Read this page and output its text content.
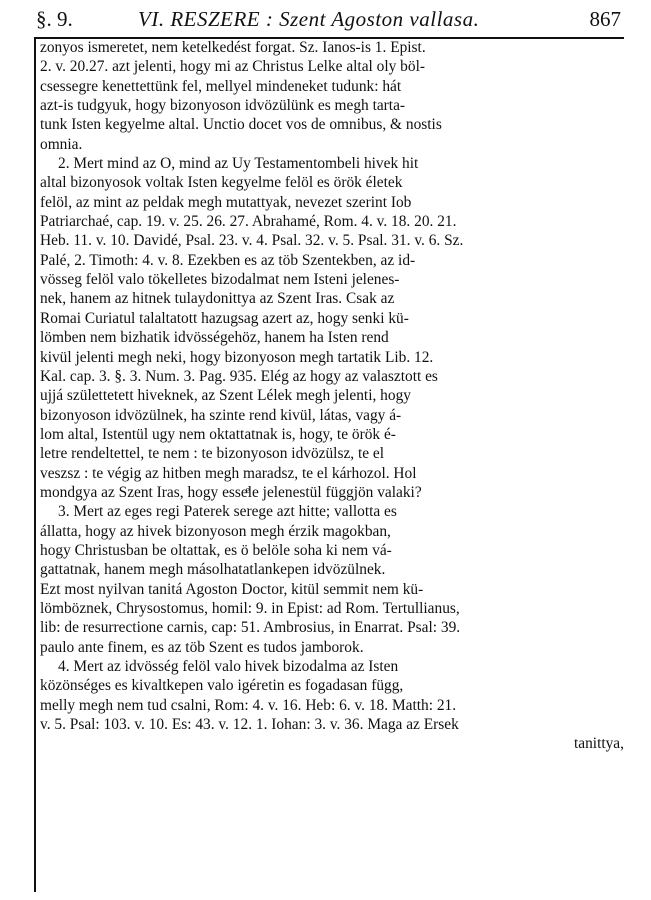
§. 9.	VI. RESZERE : Szent Agoston vallasa.	867
zonyos ismeretet, nem ketelkedést forgat. Sz. Ianos-is 1. Epist.
2. v. 20.27. azt jelenti, hogy mi az Christus Lelke altal oly böl-
csessegre kenettettünk fel, mellyel mindeneket tudunk: hát
azt-is tudgyuk, hogy bizonyoson idvözülünk es megh tarta-
tunk Isten kegyelme altal. Unctio docet vos de omnibus, & nostis
omnia.
2. Mert mind az O, mind az Uy Testamentombeli hivek hit
altal bizonyosok voltak Isten kegyelme felöl es örök életek
felöl, az mint az peldak megh mutattyak, nevezet szerint Iob
Patriarchaé, cap. 19. v. 25. 26. 27. Abrahamé, Rom. 4. v. 18. 20. 21.
Heb. 11. v. 10. Davidé, Psal. 23. v. 4. Psal. 32. v. 5. Psal. 31. v. 6. Sz.
Palé, 2. Timoth: 4. v. 8. Ezekben es az töb Szentekben, az id-
vösseg felöl valo tökelletes bizodalmat nem Isteni jelenes-
nek, hanem az hitnek tulaydonittya az Szent Iras. Csak az
Romai Curiatul talaltatott hazugsag azert az, hogy senki kü-
lömben nem bizhatik idvösségehöz, hanem ha Isten rend
kivül jelenti megh neki, hogy bizonyoson megh tartatik Lib. 12.
Kal. cap. 3. §. 3. Num. 3. Pag. 935. Elég az hogy az valasztott es
ujjá születtetett hiveknek, az Szent Lélek megh jelenti, hogy
bizonyoson idvözülnek, ha szinte rend kivül, látas, vagy á-
lom altal, Istentül ugy nem oktattatnak is, hogy, te örök é-
letre rendeltettel, te nem : te bizonyoson idvözülsz, te el
veszsz : te végig az hitben megh maradsz, te el kárhozol. Hol
mondgya az Szent Iras, hogy esseͤle jelenestül függjön valaki?
3. Mert az eges regi Paterek serege azt hitte; vallotta es
állatta, hogy az hivek bizonyoson megh érzik magokban,
hogy Christusban be oltattak, es ö belöle soha ki nem vá-
gattatnak, hanem megh másolhatatlankepen idvözülnek.
Ezt most nyilvan tanitá Agoston Doctor, kitül semmit nem kü-
lömböznek, Chrysostomus, homil: 9. in Epist: ad Rom. Tertullianus,
lib: de resurrectione carnis, cap: 51. Ambrosius, in Enarrat. Psal: 39.
paulo ante finem, es az töb Szent es tudos jamborok.
4. Mert az idvösség felöl valo hivek bizodalma az Isten
közönséges es kivaltkepen valo igéretin es fogadasan függ,
melly megh nem tud csalni, Rom: 4. v. 16. Heb: 6. v. 18. Matth: 21.
v. 5. Psal: 103. v. 10. Es: 43. v. 12. 1. Iohan: 3. v. 36. Maga az Ersek
tanittya,
